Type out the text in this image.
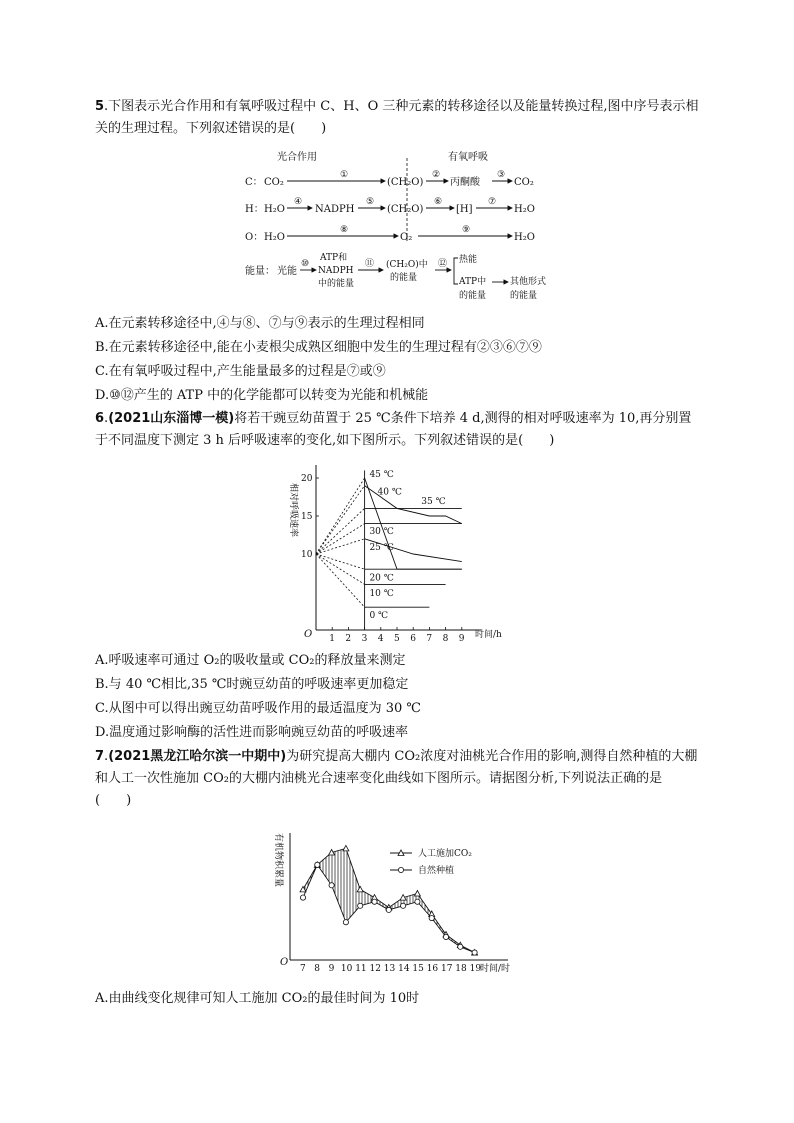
5.下图表示光合作用和有氧呼吸过程中 C、H、O 三种元素的转移途径以及能量转换过程,图中序号表示相关的生理过程。下列叙述错误的是(　　)

光合作用	有氧呼吸
C： CO₂
①
(CH₂O)
②
丙酮酸
③
CO₂
H： H₂O
④
NADPH
⑤
(CH₂O)
⑥
[H]
⑦
H₂O
O： H₂O
⑧
O₂
⑨
H₂O
能量： 光能
⑩
ATP和
NADPH
中的能量
⑪ (CH₂O)中
的能量
⑫ 热能
ATP中
的能量
其他形式
的能量

A.在元素转移途径中,④与⑧、⑦与⑨表示的生理过程相同

B.在元素转移途径中,能在小麦根尖成熟区细胞中发生的生理过程有②③⑥⑦⑨

C.在有氧呼吸过程中,产生能量最多的过程是⑦或⑨

D.⑩⑫产生的 ATP 中的化学能都可以转变为光能和机械能

6.(2021山东淄博一模)将若干豌豆幼苗置于 25 ℃条件下培养 4 d,测得的相对呼吸速率为 10,再分别置于不同温度下测定 3 h 后呼吸速率的变化,如下图所示。下列叙述错误的是(　　)

相对呼吸速率
O	时间/h
1 2 3 4 5 6 7 8 9
10
15
20	45 ℃
40 ℃
35 ℃
30 ℃
25 ℃
20 ℃
10 ℃
0 ℃

A.呼吸速率可通过 O₂的吸收量或 CO₂的释放量来测定

B.与 40 ℃相比,35 ℃时豌豆幼苗的呼吸速率更加稳定

C.从图中可以得出豌豆幼苗呼吸作用的最适温度为 30 ℃

D.温度通过影响酶的活性进而影响豌豆幼苗的呼吸速率

7.(2021黑龙江哈尔滨一中期中)为研究提高大棚内 CO₂浓度对油桃光合作用的影响,测得自然种植的大棚和人工一次性施加 CO₂的大棚内油桃光合速率变化曲线如下图所示。请据图分析,下列说法正确的是　　　　　(　　)

有机物积累量
O
时间/时
7 8 9 10 11 12 13 14 15 16 17 18 19
人工施加CO₂
自然种植

A.由曲线变化规律可知人工施加 CO₂的最佳时间为 10时
